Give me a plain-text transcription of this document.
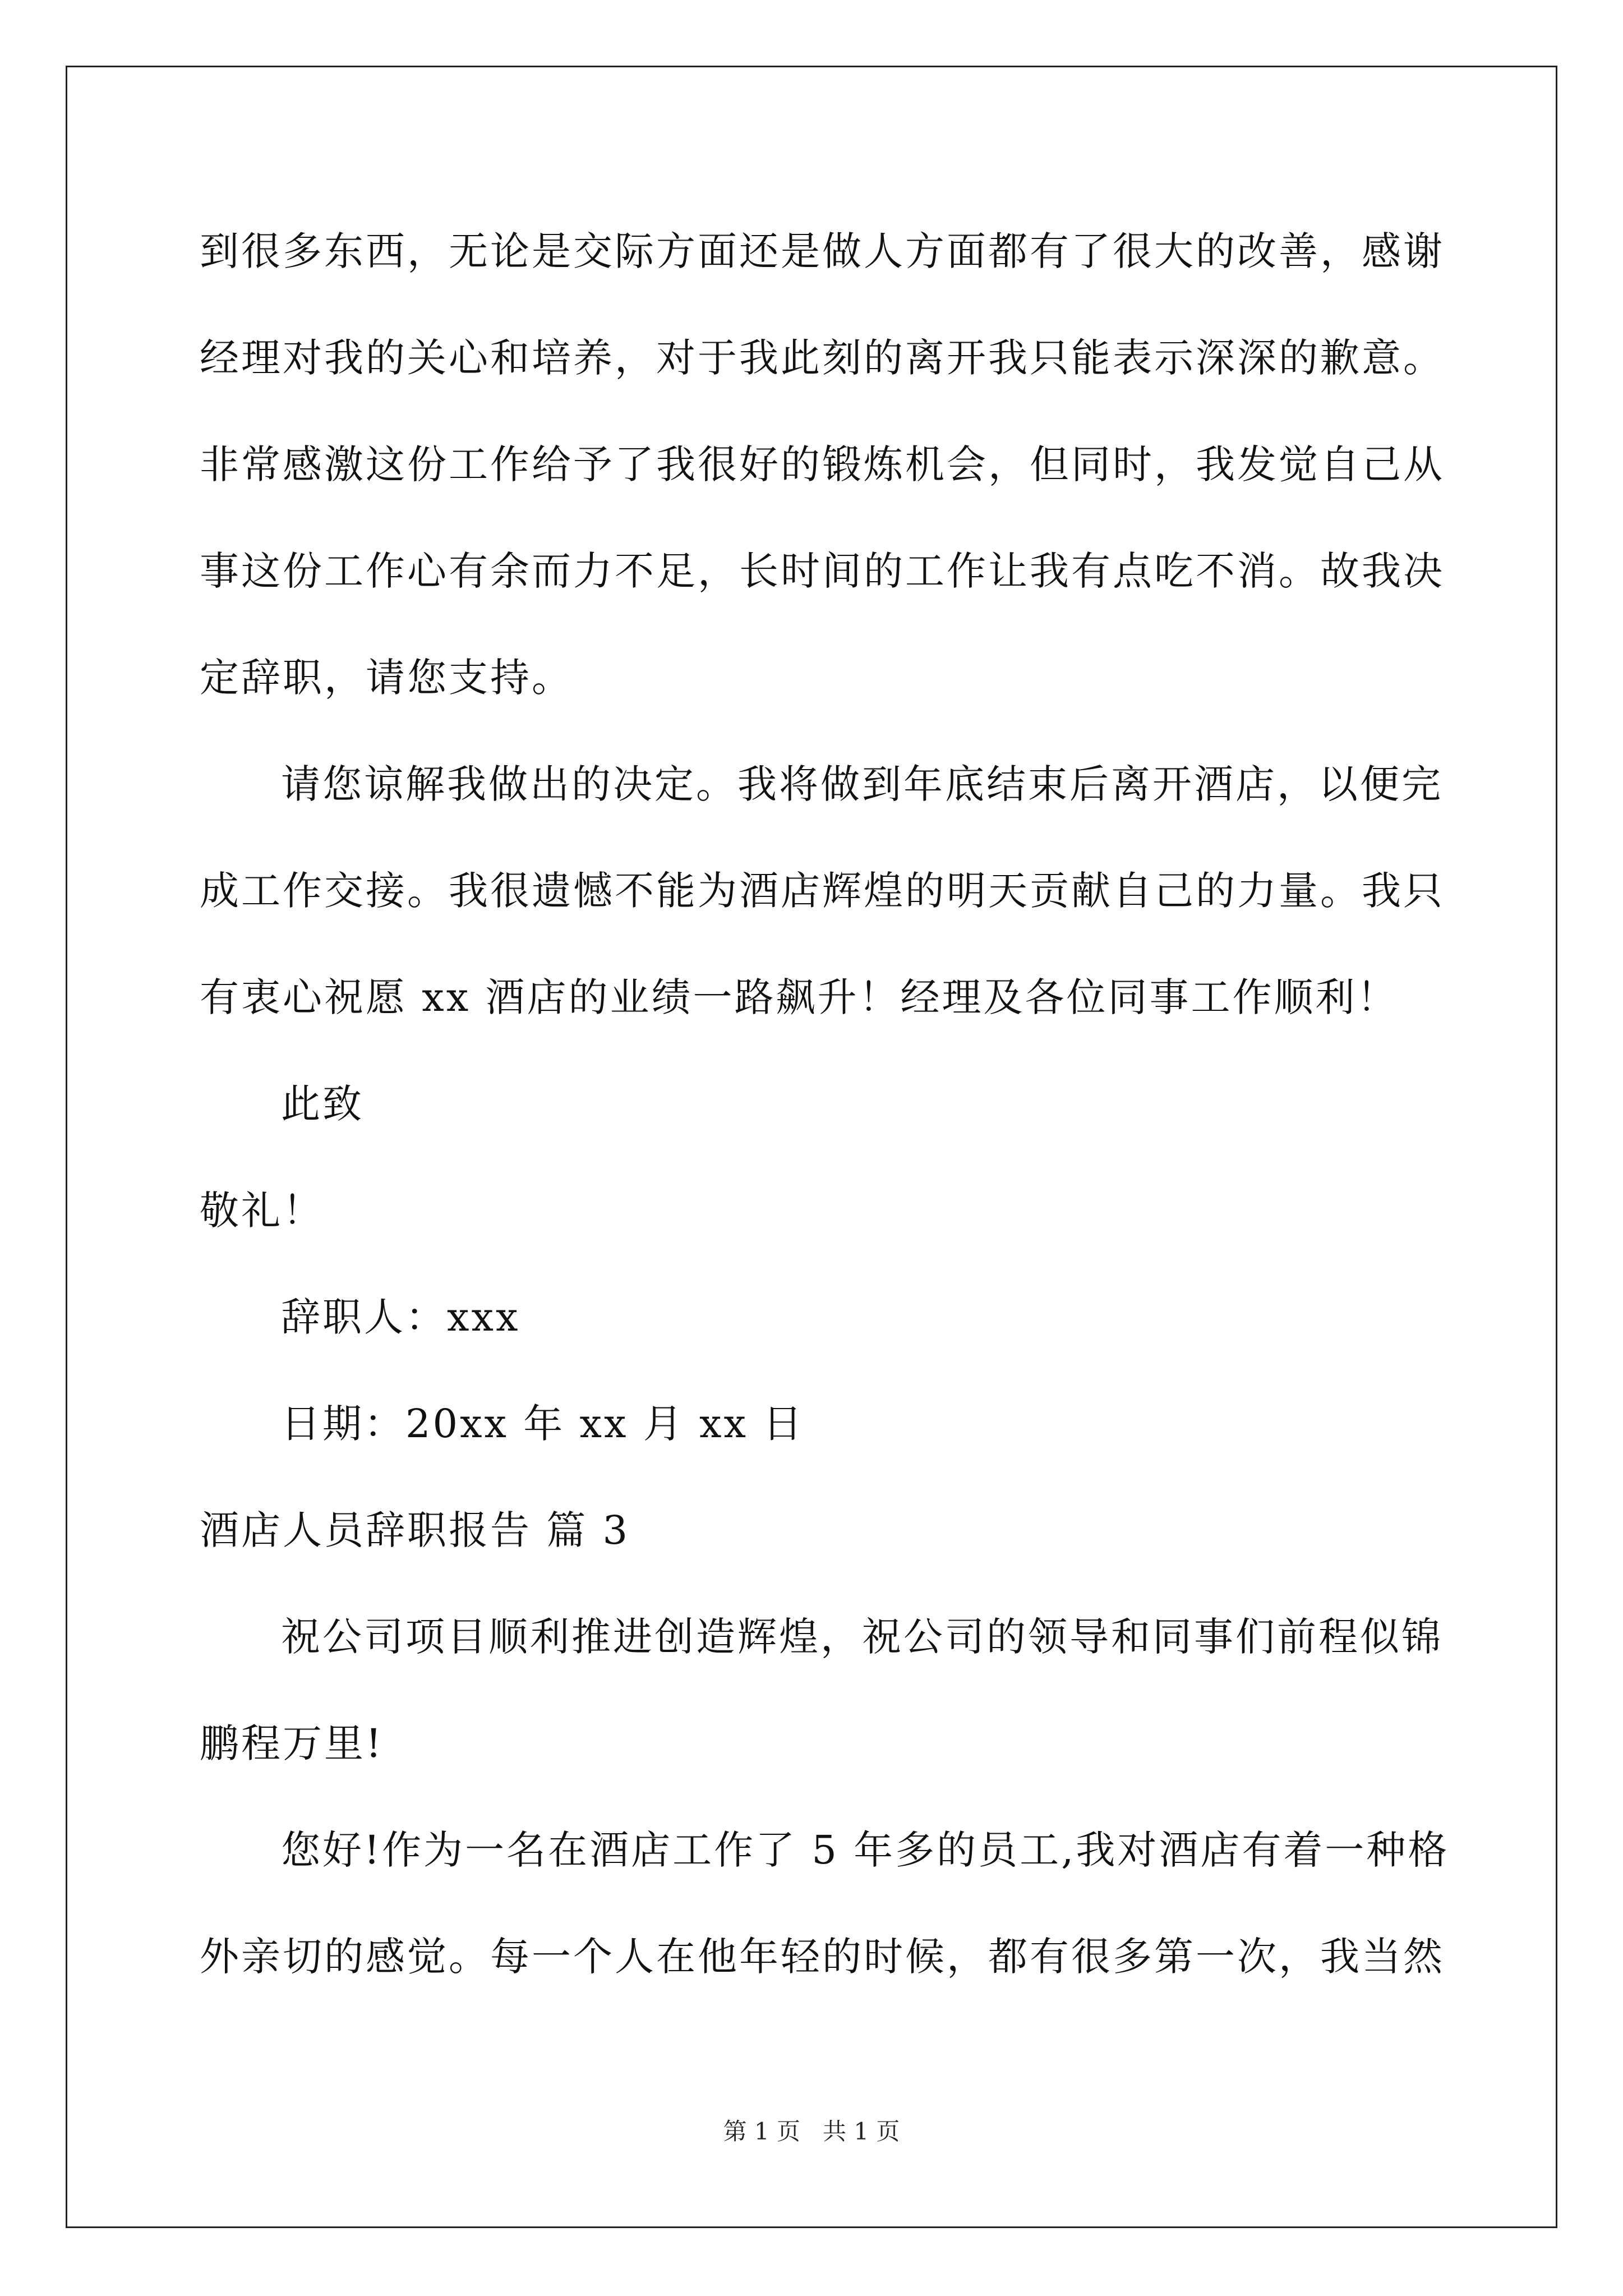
到很多东西，无论是交际方面还是做人方面都有了很大的改善，感谢
经理对我的关心和培养，对于我此刻的离开我只能表示深深的歉意。
非常感激这份工作给予了我很好的锻炼机会，但同时，我发觉自己从
事这份工作心有余而力不足，长时间的工作让我有点吃不消。故我决
定辞职，请您支持。
请您谅解我做出的决定。我将做到年底结束后离开酒店，以便完
成工作交接。我很遗憾不能为酒店辉煌的明天贡献自己的力量。我只
有衷心祝愿 xx 酒店的业绩一路飙升！经理及各位同事工作顺利！
此致
敬礼！
辞职人：xxx
日期：20xx 年 xx 月 xx 日
酒店人员辞职报告 篇 3
祝公司项目顺利推进创造辉煌，祝公司的领导和同事们前程似锦
鹏程万里!
您好!作为一名在酒店工作了 5 年多的员工,我对酒店有着一种格
外亲切的感觉。每一个人在他年轻的时候，都有很多第一次，我当然
第 1 页 共 1 页
